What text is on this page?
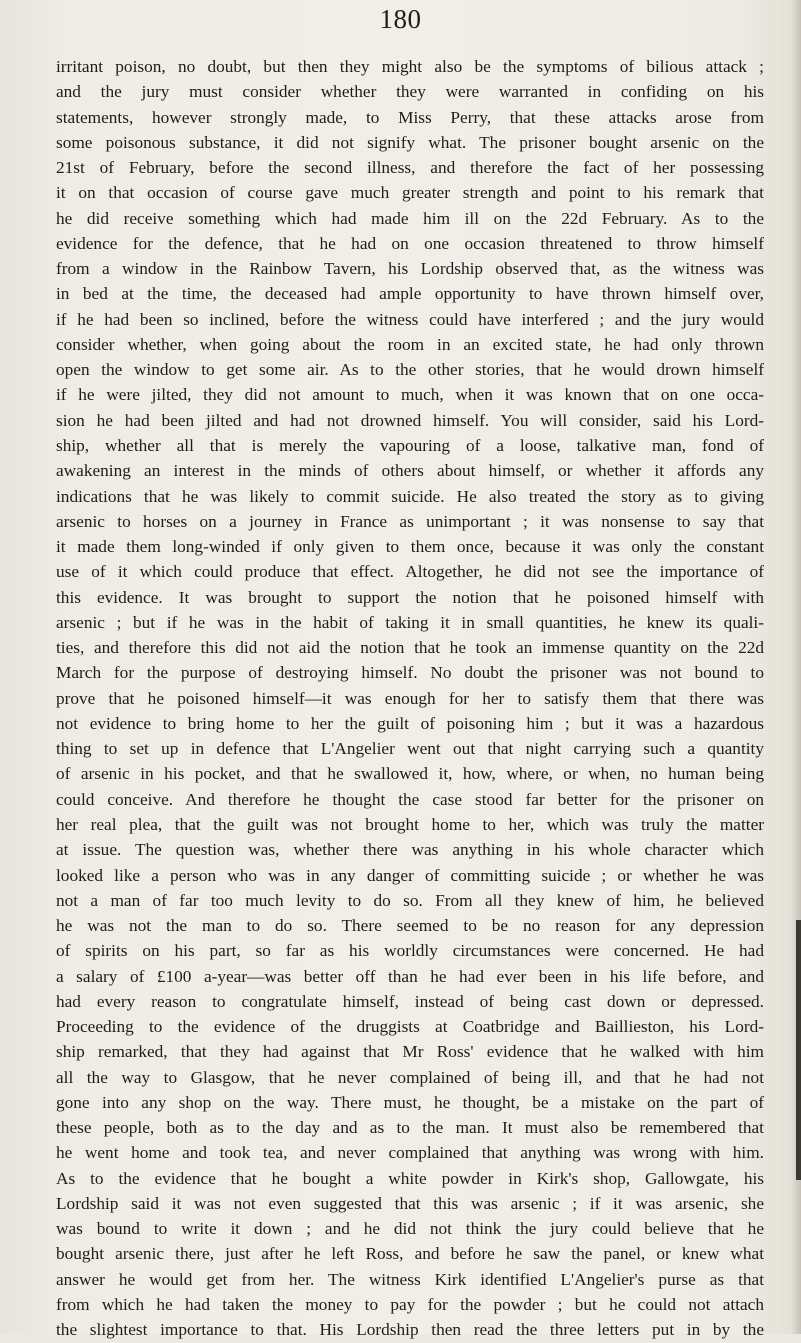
180
irritant poison, no doubt, but then they might also be the symptoms of bilious attack ;
and the jury must consider whether they were warranted in confiding on his
statements, however strongly made, to Miss Perry, that these attacks arose from
some poisonous substance, it did not signify what. The prisoner bought arsenic on the
21st of February, before the second illness, and therefore the fact of her possessing
it on that occasion of course gave much greater strength and point to his remark that
he did receive something which had made him ill on the 22d February. As to the
evidence for the defence, that he had on one occasion threatened to throw himself
from a window in the Rainbow Tavern, his Lordship observed that, as the witness was
in bed at the time, the deceased had ample opportunity to have thrown himself over,
if he had been so inclined, before the witness could have interfered ; and the jury would
consider whether, when going about the room in an excited state, he had only thrown
open the window to get some air. As to the other stories, that he would drown himself
if he were jilted, they did not amount to much, when it was known that on one occa-
sion he had been jilted and had not drowned himself. You will consider, said his Lord-
ship, whether all that is merely the vapouring of a loose, talkative man, fond of
awakening an interest in the minds of others about himself, or whether it affords any
indications that he was likely to commit suicide. He also treated the story as to giving
arsenic to horses on a journey in France as unimportant ; it was nonsense to say that
it made them long-winded if only given to them once, because it was only the constant
use of it which could produce that effect. Altogether, he did not see the importance of
this evidence. It was brought to support the notion that he poisoned himself with
arsenic ; but if he was in the habit of taking it in small quantities, he knew its quali-
ties, and therefore this did not aid the notion that he took an immense quantity on the 22d
March for the purpose of destroying himself. No doubt the prisoner was not bound to
prove that he poisoned himself—it was enough for her to satisfy them that there was
not evidence to bring home to her the guilt of poisoning him ; but it was a hazardous
thing to set up in defence that L'Angelier went out that night carrying such a quantity
of arsenic in his pocket, and that he swallowed it, how, where, or when, no human being
could conceive. And therefore he thought the case stood far better for the prisoner on
her real plea, that the guilt was not brought home to her, which was truly the matter
at issue. The question was, whether there was anything in his whole character which
looked like a person who was in any danger of committing suicide ; or whether he was
not a man of far too much levity to do so. From all they knew of him, he believed
he was not the man to do so. There seemed to be no reason for any depression
of spirits on his part, so far as his worldly circumstances were concerned. He had
a salary of £100 a-year—was better off than he had ever been in his life before, and
had every reason to congratulate himself, instead of being cast down or depressed.
Proceeding to the evidence of the druggists at Coatbridge and Baillieston, his Lord-
ship remarked, that they had against that Mr Ross' evidence that he walked with him
all the way to Glasgow, that he never complained of being ill, and that he had not
gone into any shop on the way. There must, he thought, be a mistake on the part of
these people, both as to the day and as to the man. It must also be remembered that
he went home and took tea, and never complained that anything was wrong with him.
As to the evidence that he bought a white powder in Kirk's shop, Gallowgate, his
Lordship said it was not even suggested that this was arsenic ; if it was arsenic, she
was bound to write it down ; and he did not think the jury could believe that he
bought arsenic there, just after he left Ross, and before he saw the panel, or knew what
answer he would get from her. The witness Kirk identified L'Angelier's purse as that
from which he had taken the money to pay for the powder ; but he could not attach
the slightest importance to that. His Lordship then read the three letters put in by the
